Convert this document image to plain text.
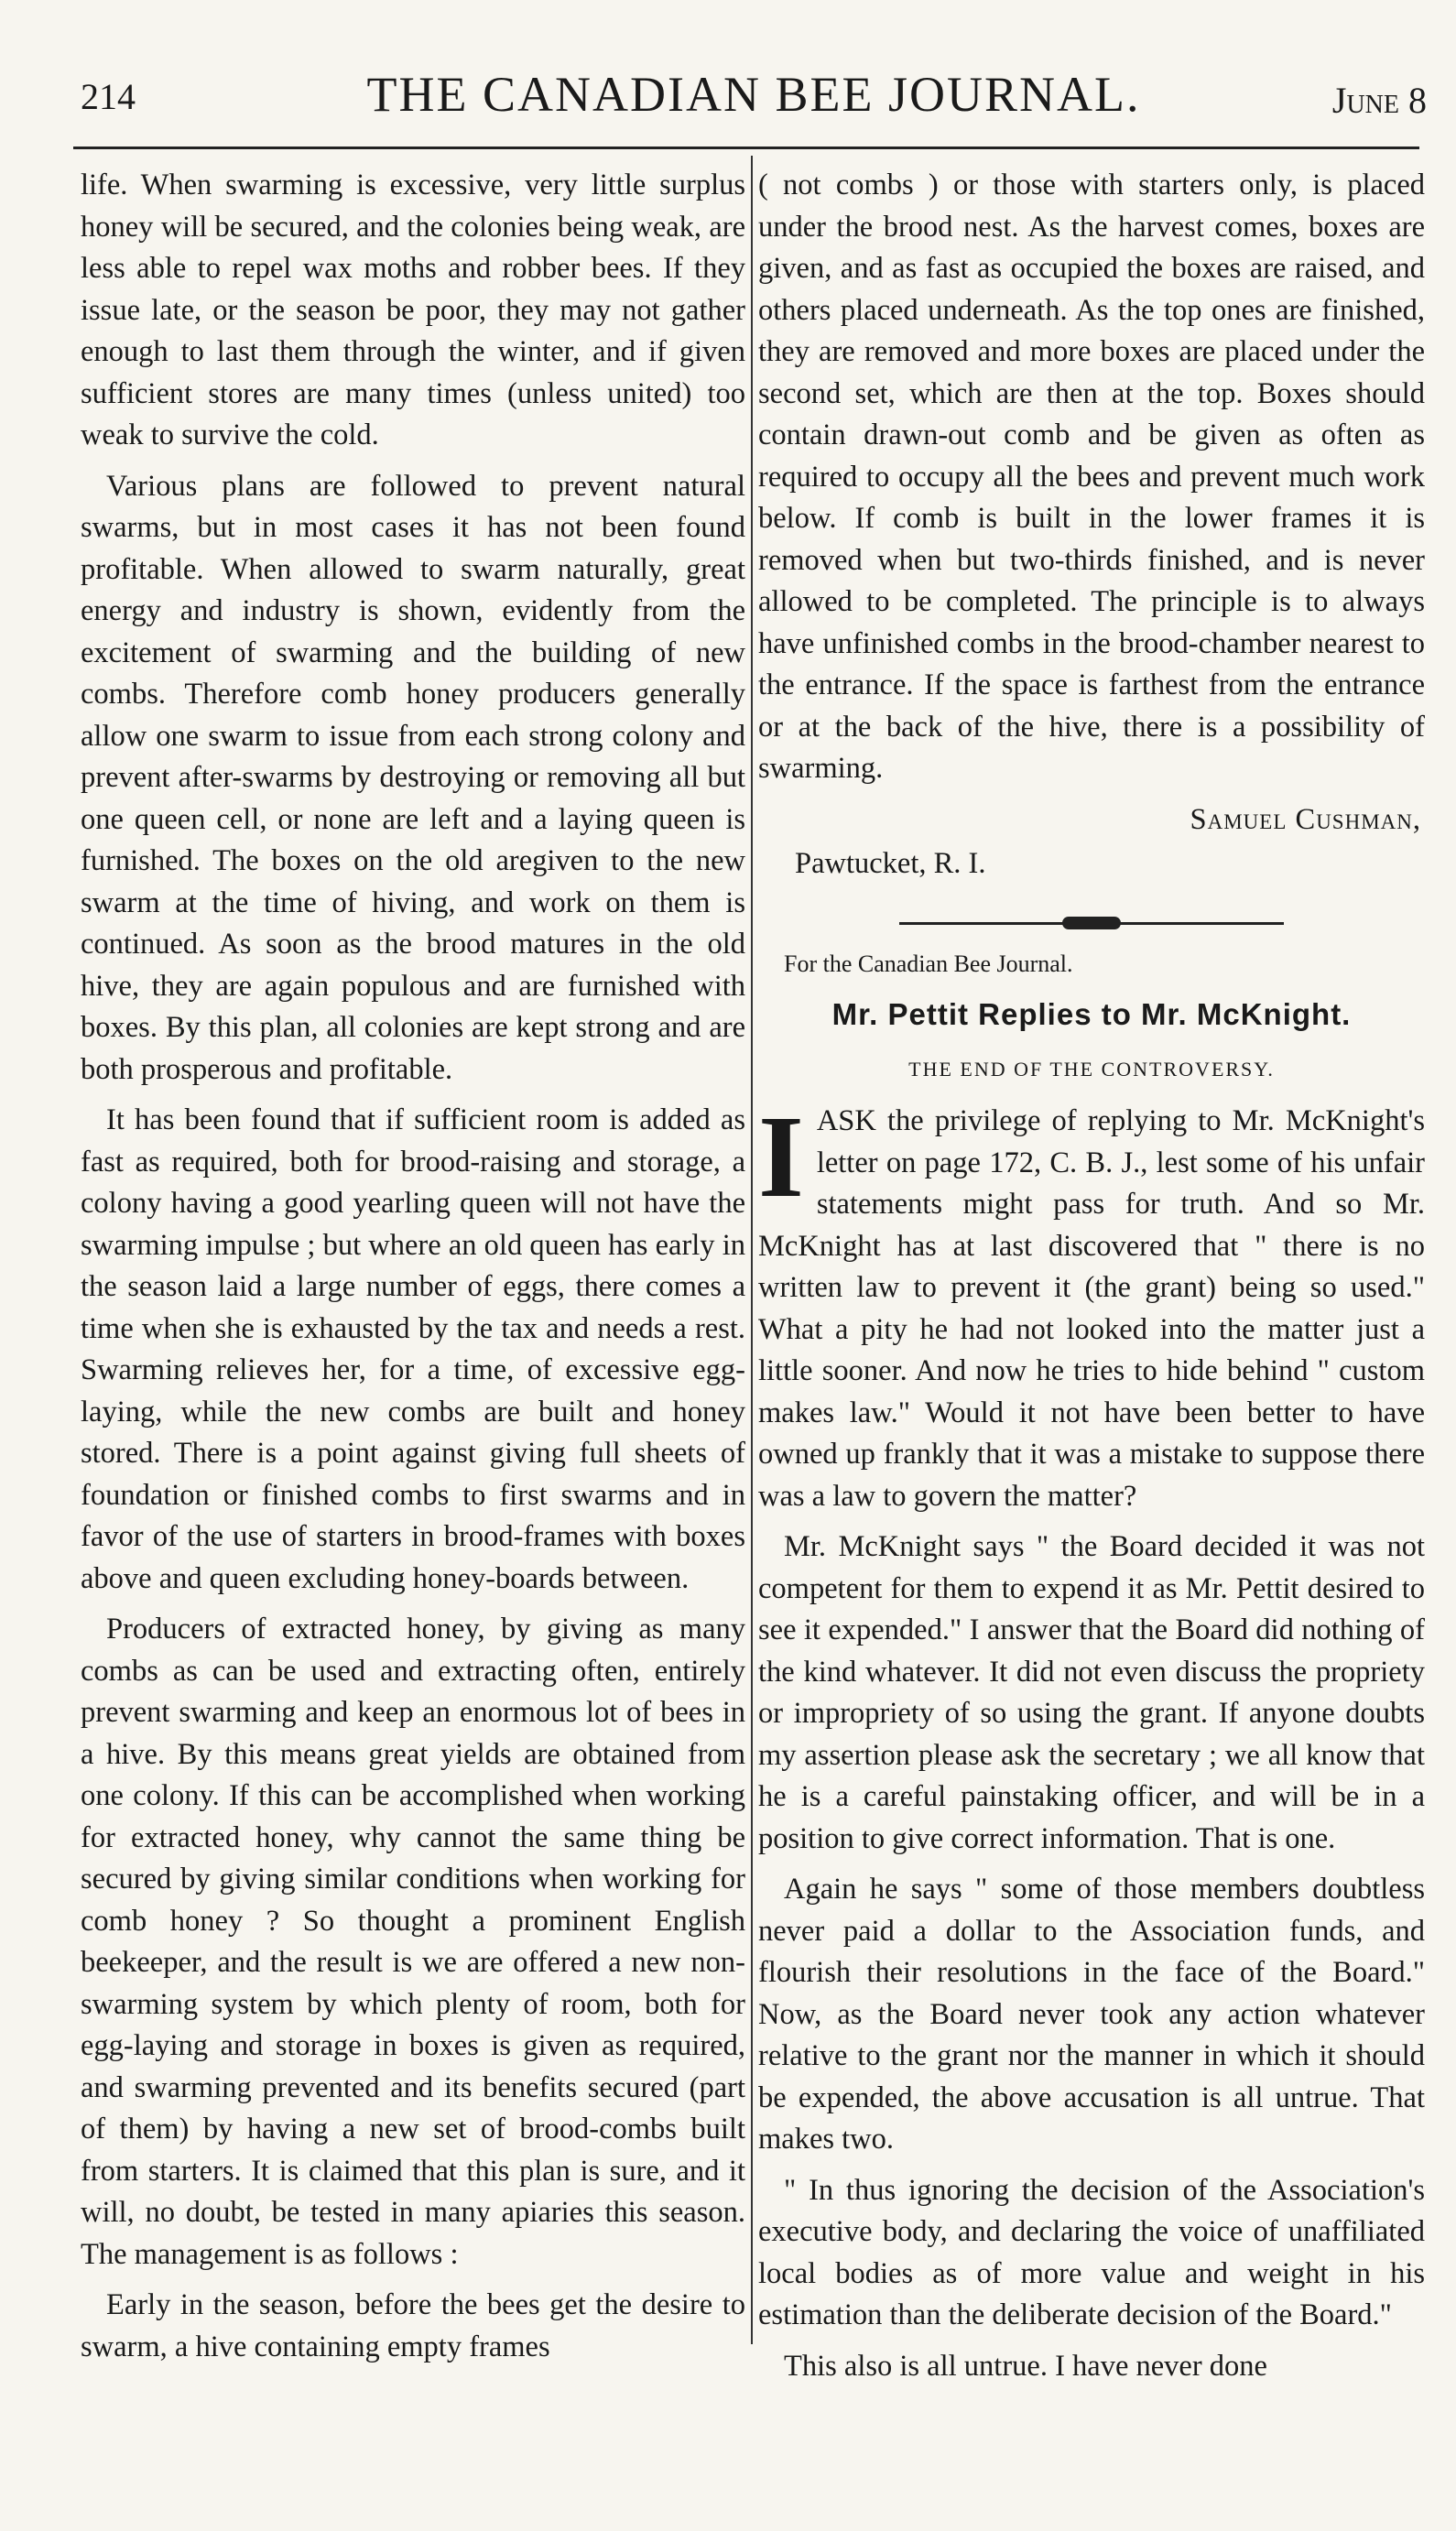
214	THE CANADIAN BEE JOURNAL.	June 8

life. When swarming is excessive, very little surplus honey will be secured, and the colonies being weak, are less able to repel wax moths and robber bees. If they issue late, or the season be poor, they may not gather enough to last them through the winter, and if given sufficient stores are many times (unless united) too weak to survive the cold.

Various plans are followed to prevent natural swarms, but in most cases it has not been found profitable. When allowed to swarm naturally, great energy and industry is shown, evidently from the excitement of swarming and the building of new combs. Therefore comb honey producers generally allow one swarm to issue from each strong colony and prevent after-swarms by destroying or removing all but one queen cell, or none are left and a laying queen is furnished. The boxes on the old aregiven to the new swarm at the time of hiving, and work on them is continued. As soon as the brood matures in the old hive, they are again populous and are furnished with boxes. By this plan, all colonies are kept strong and are both prosperous and profitable.

It has been found that if sufficient room is added as fast as required, both for brood-raising and storage, a colony having a good yearling queen will not have the swarming impulse ; but where an old queen has early in the season laid a large number of eggs, there comes a time when she is exhausted by the tax and needs a rest. Swarming relieves her, for a time, of excessive egg-laying, while the new combs are built and honey stored. There is a point against giving full sheets of foundation or finished combs to first swarms and in favor of the use of starters in brood-frames with boxes above and queen excluding honey-boards between.

Producers of extracted honey, by giving as many combs as can be used and extracting often, entirely prevent swarming and keep an enormous lot of bees in a hive. By this means great yields are obtained from one colony. If this can be accomplished when working for extracted honey, why cannot the same thing be secured by giving similar conditions when working for comb honey ? So thought a prominent English beekeeper, and the result is we are offered a new non-swarming system by which plenty of room, both for egg-laying and storage in boxes is given as required, and swarming prevented and its benefits secured (part of them) by having a new set of brood-combs built from starters. It is claimed that this plan is sure, and it will, no doubt, be tested in many apiaries this season. The management is as follows :

Early in the season, before the bees get the desire to swarm, a hive containing empty frames

( not combs ) or those with starters only, is placed under the brood nest. As the harvest comes, boxes are given, and as fast as occupied the boxes are raised, and others placed underneath. As the top ones are finished, they are removed and more boxes are placed under the second set, which are then at the top. Boxes should contain drawn-out comb and be given as often as required to occupy all the bees and prevent much work below. If comb is built in the lower frames it is removed when but two-thirds finished, and is never allowed to be completed. The principle is to always have unfinished combs in the brood-chamber nearest to the entrance. If the space is farthest from the entrance or at the back of the hive, there is a possibility of swarming.

Samuel Cushman,
Pawtucket, R. I.

For the Canadian Bee Journal.

Mr. Pettit Replies to Mr. McKnight.
THE END OF THE CONTROVERSY.

IASK the privilege of replying to Mr. McKnight's letter on page 172, C. B. J., lest some of his unfair statements might pass for truth. And so Mr. McKnight has at last discovered that " there is no written law to prevent it (the grant) being so used." What a pity he had not looked into the matter just a little sooner. And now he tries to hide behind " custom makes law." Would it not have been better to have owned up frankly that it was a mistake to suppose there was a law to govern the matter?

Mr. McKnight says " the Board decided it was not competent for them to expend it as Mr. Pettit desired to see it expended." I answer that the Board did nothing of the kind whatever. It did not even discuss the propriety or impropriety of so using the grant. If anyone doubts my assertion please ask the secretary ; we all know that he is a careful painstaking officer, and will be in a position to give correct information. That is one.

Again he says " some of those members doubtless never paid a dollar to the Association funds, and flourish their resolutions in the face of the Board." Now, as the Board never took any action whatever relative to the grant nor the manner in which it should be expended, the above accusation is all untrue. That makes two.

" In thus ignoring the decision of the Association's executive body, and declaring the voice of unaffiliated local bodies as of more value and weight in his estimation than the deliberate decision of the Board."

This also is all untrue. I have never done
